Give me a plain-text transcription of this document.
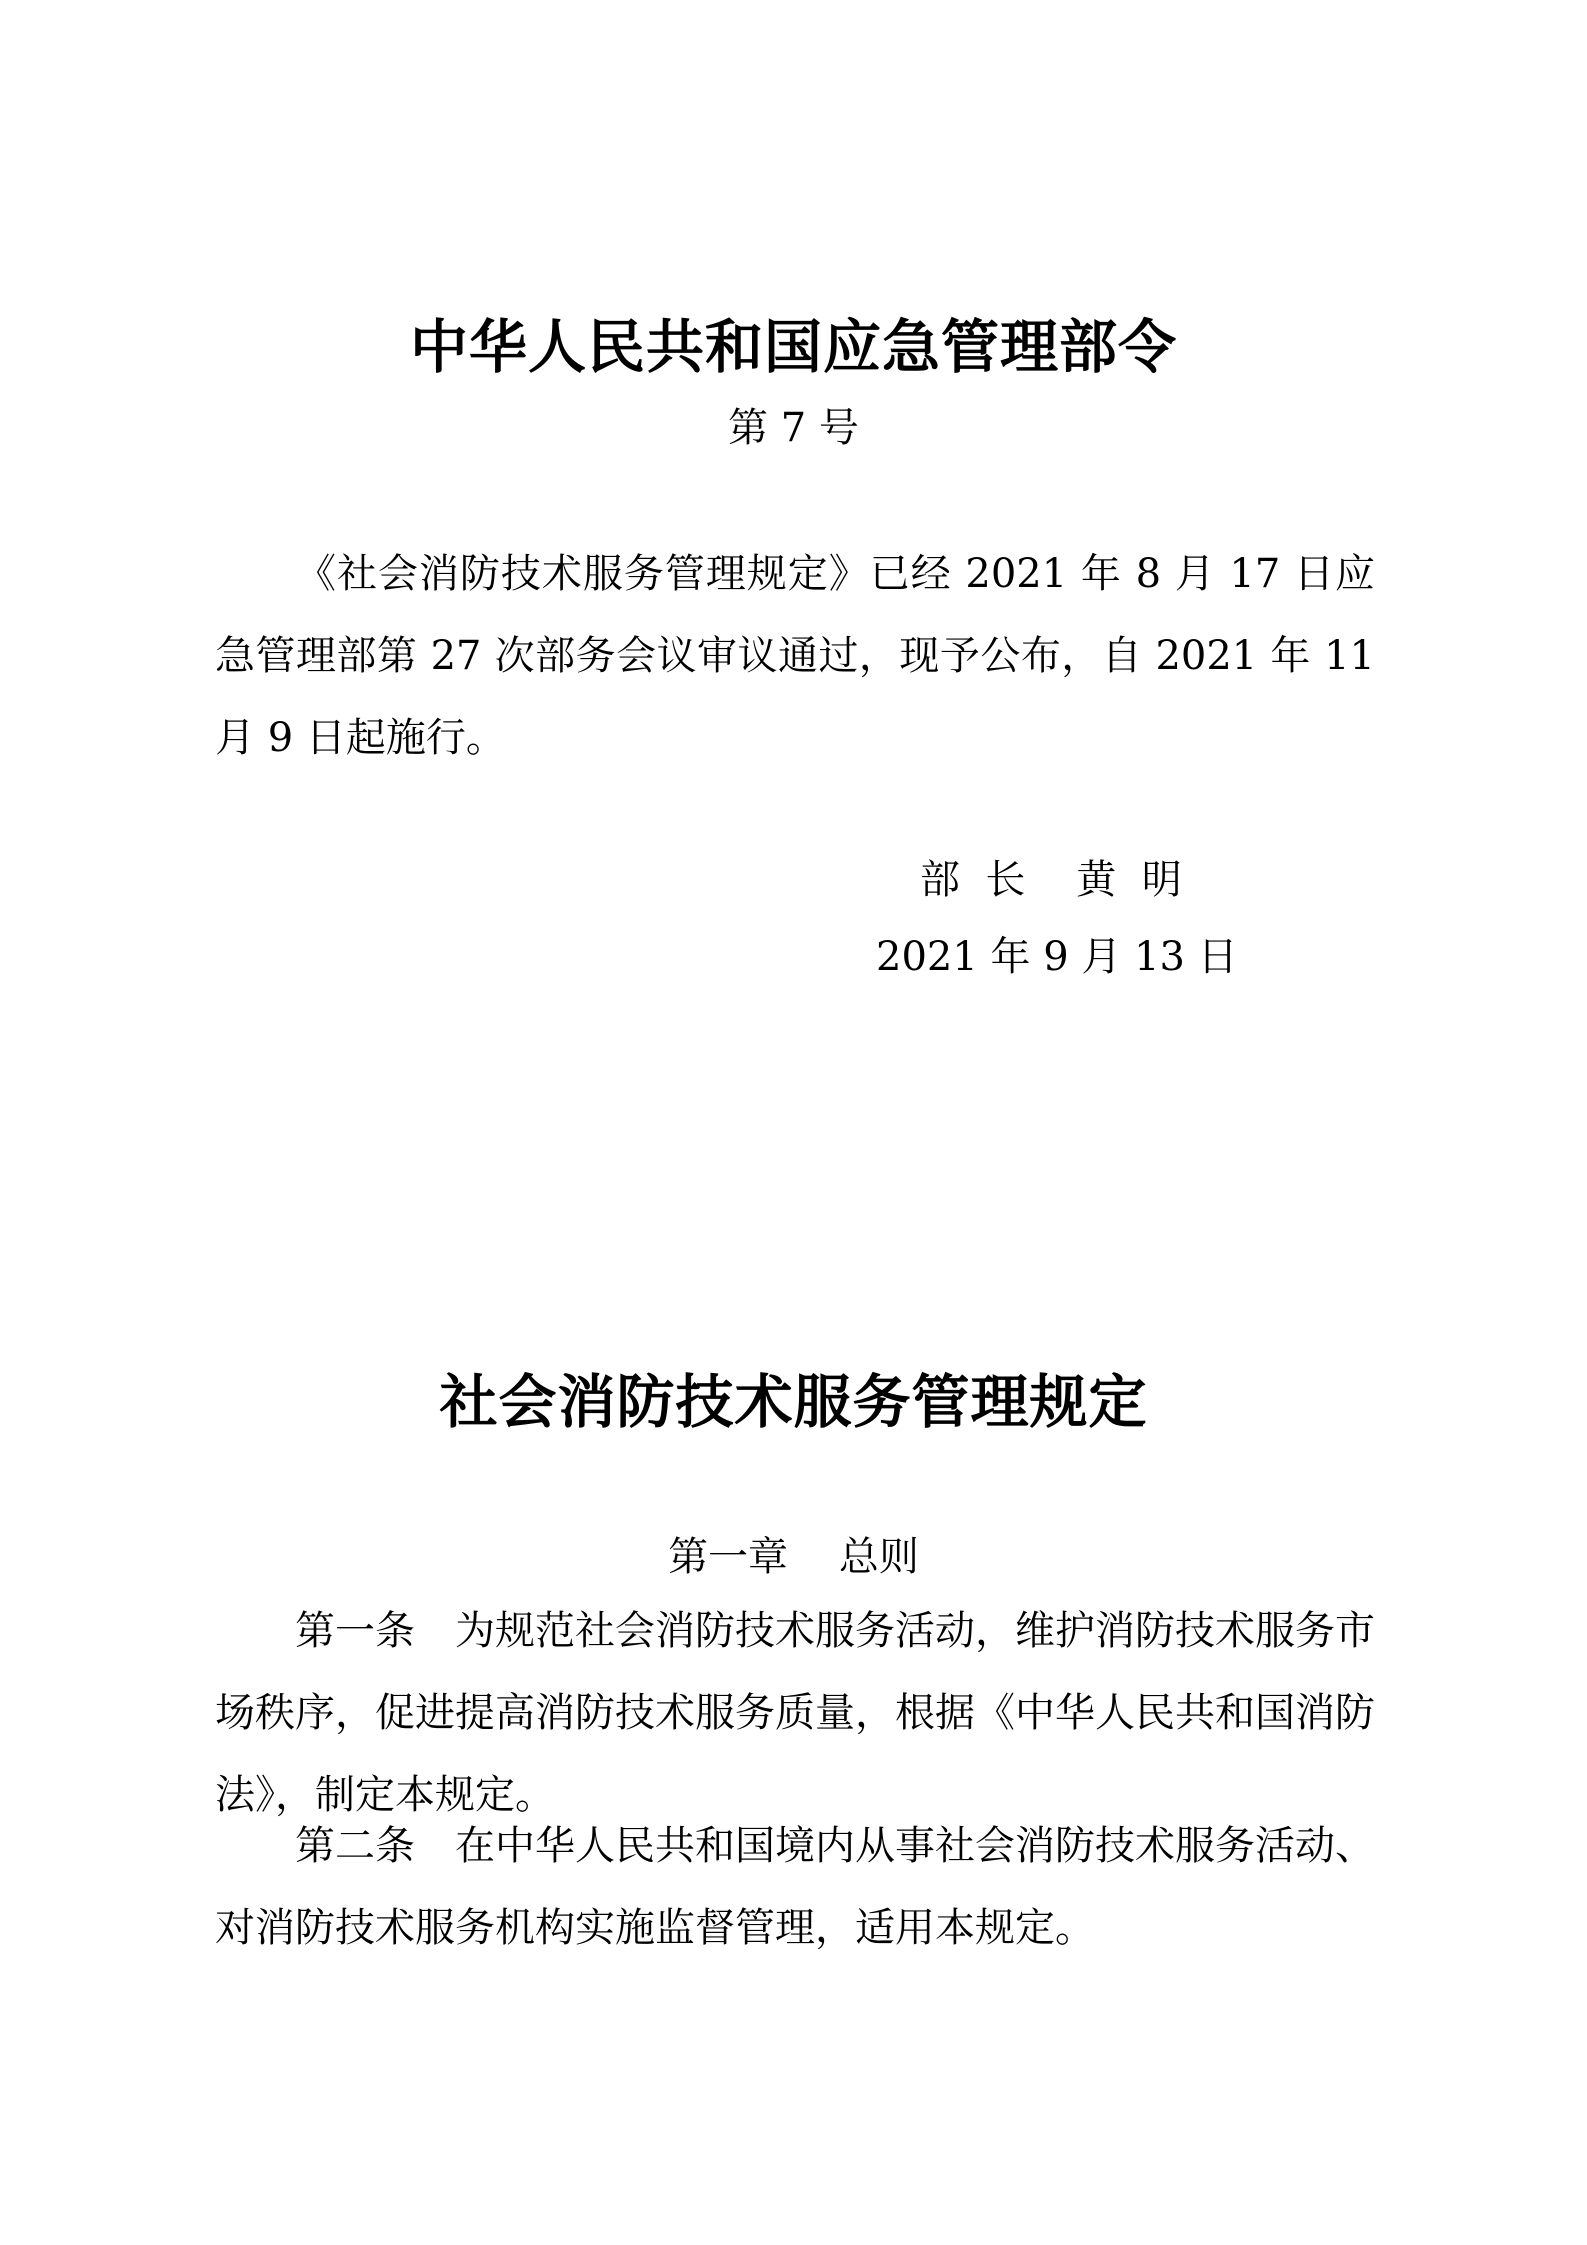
中华人民共和国应急管理部令

第 7 号

《社会消防技术服务管理规定》已经 2021 年 8 月 17 日应急管理部第 27 次部务会议审议通过，现予公布，自 2021 年 11 月 9 日起施行。

部  长    黄  明

2021 年 9 月 13 日

社会消防技术服务管理规定

第一章    总则

第一条 为规范社会消防技术服务活动，维护消防技术服务市场秩序，促进提高消防技术服务质量，根据《中华人民共和国消防法》，制定本规定。

第二条 在中华人民共和国境内从事社会消防技术服务活动、对消防技术服务机构实施监督管理，适用本规定。
